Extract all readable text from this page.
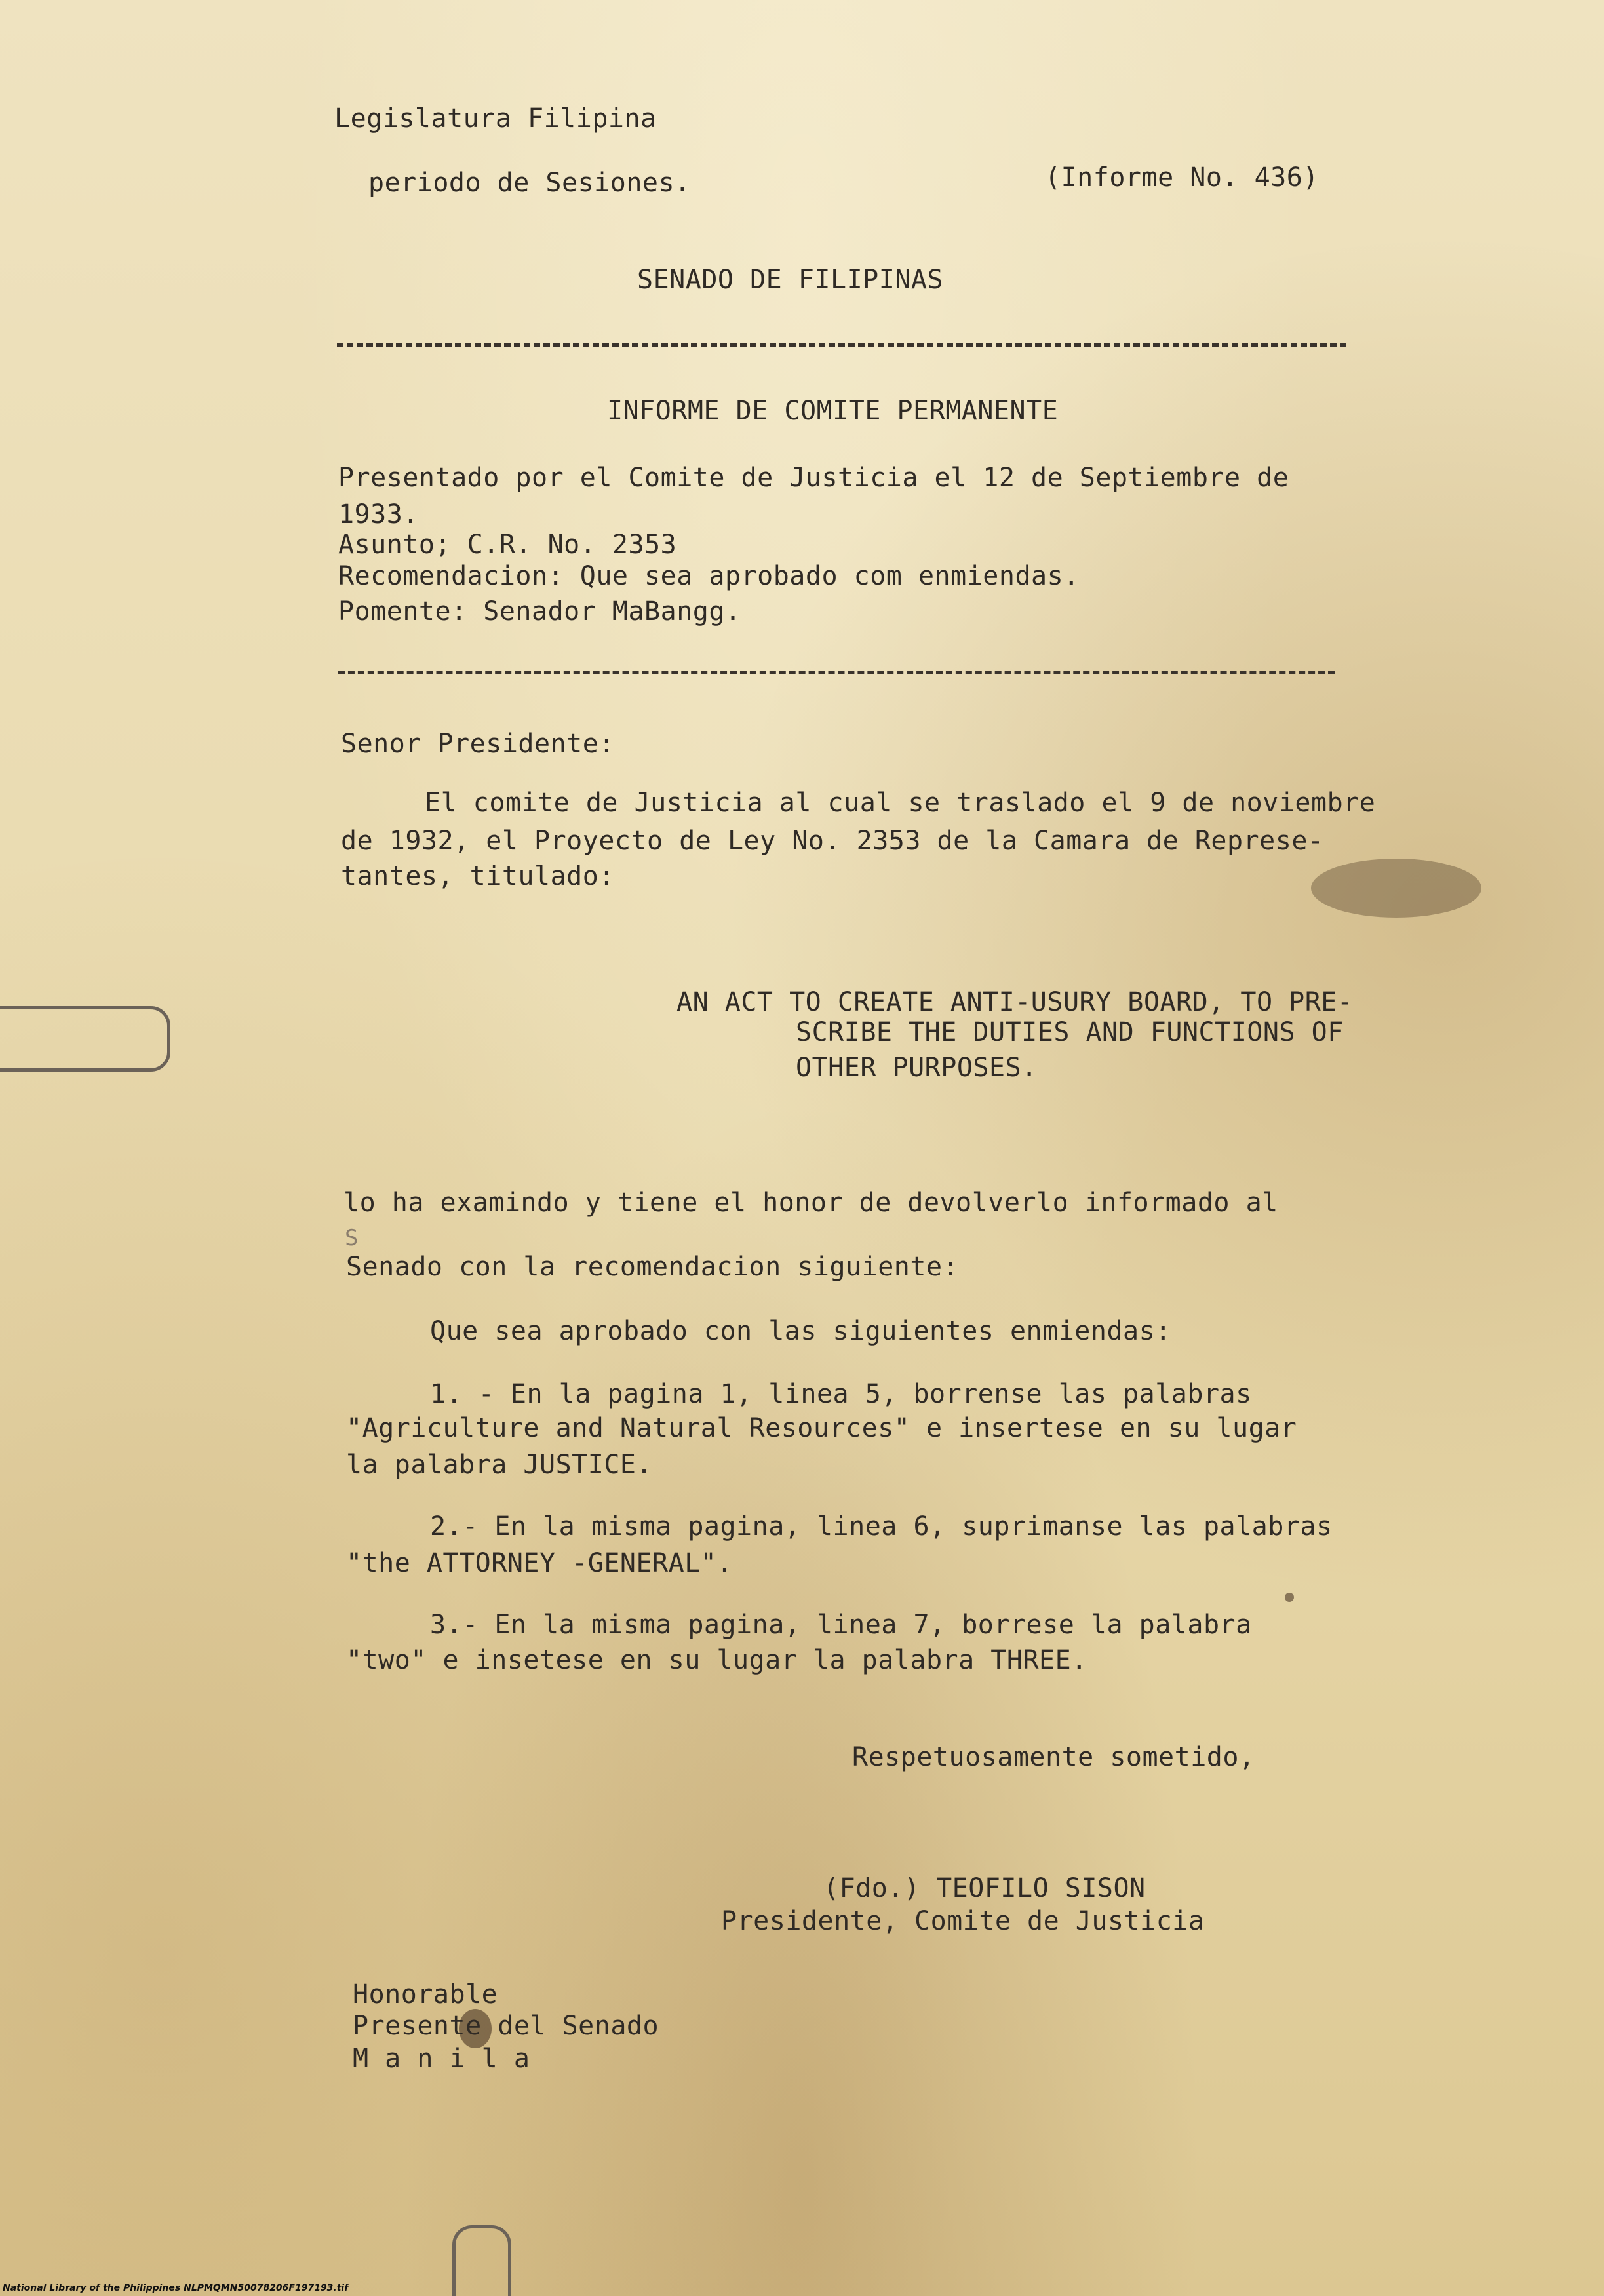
Legislatura Filipina
periodo de Sesiones.	(Informe No. 436)
SENADO DE FILIPINAS
INFORME DE COMITE PERMANENTE
Presentado por el Comite de Justicia el 12 de Septiembre de
1933.
Asunto; C.R. No. 2353
Recomendacion: Que sea aprobado com enmiendas.
Pomente: Senador MaBangg.
Senor Presidente:
El comite de Justicia al cual se traslado el 9 de noviembre
de 1932, el Proyecto de Ley No. 2353 de la Camara de Represe-
tantes, titulado:
AN ACT TO CREATE ANTI-USURY BOARD, TO PRE-
SCRIBE THE DUTIES AND FUNCTIONS OF
OTHER PURPOSES.
lo ha examindo y tiene el honor de devolverlo informado al
S
Senado con la recomendacion siguiente:
Que sea aprobado con las siguientes enmiendas:
1. - En la pagina 1, linea 5, borrense las palabras
"Agriculture and Natural Resources" e insertese en su lugar
la palabra JUSTICE.
2.- En la misma pagina, linea 6, suprimanse las palabras
"the ATTORNEY -GENERAL".
3.- En la misma pagina, linea 7, borrese la palabra
"two" e insetese en su lugar la palabra THREE.
Respetuosamente sometido,
(Fdo.) TEOFILO SISON
Presidente, Comite de Justicia
Honorable
Presente del Senado
M a n i l a
National Library of the Philippines NLPMQMN50078206F197193.tif
